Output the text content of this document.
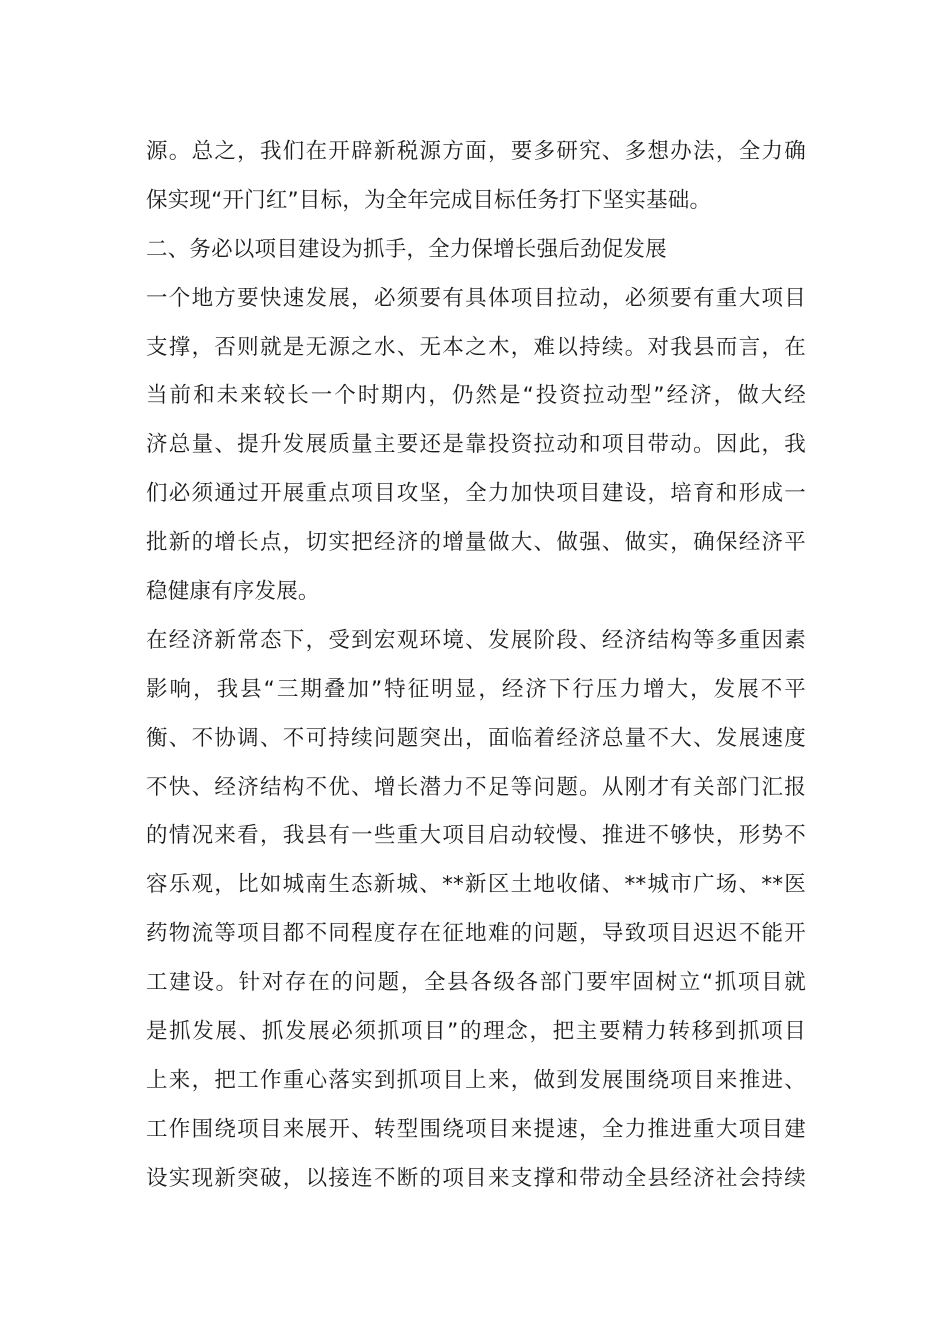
源。总之，我们在开辟新税源方面，要多研究、多想办法，全力确
保实现“开门红”目标，为全年完成目标任务打下坚实基础。
二、务必以项目建设为抓手，全力保增长强后劲促发展
一个地方要快速发展，必须要有具体项目拉动，必须要有重大项目
支撑，否则就是无源之水、无本之木，难以持续。对我县而言，在
当前和未来较长一个时期内，仍然是“投资拉动型”经济，做大经
济总量、提升发展质量主要还是靠投资拉动和项目带动。因此，我
们必须通过开展重点项目攻坚，全力加快项目建设，培育和形成一
批新的增长点，切实把经济的增量做大、做强、做实，确保经济平
稳健康有序发展。
在经济新常态下，受到宏观环境、发展阶段、经济结构等多重因素
影响，我县“三期叠加”特征明显，经济下行压力增大，发展不平
衡、不协调、不可持续问题突出，面临着经济总量不大、发展速度
不快、经济结构不优、增长潜力不足等问题。从刚才有关部门汇报
的情况来看，我县有一些重大项目启动较慢、推进不够快，形势不
容乐观，比如城南生态新城、**新区土地收储、**城市广场、**医
药物流等项目都不同程度存在征地难的问题，导致项目迟迟不能开
工建设。针对存在的问题，全县各级各部门要牢固树立“抓项目就
是抓发展、抓发展必须抓项目”的理念，把主要精力转移到抓项目
上来，把工作重心落实到抓项目上来，做到发展围绕项目来推进、
工作围绕项目来展开、转型围绕项目来提速，全力推进重大项目建
设实现新突破，以接连不断的项目来支撑和带动全县经济社会持续
